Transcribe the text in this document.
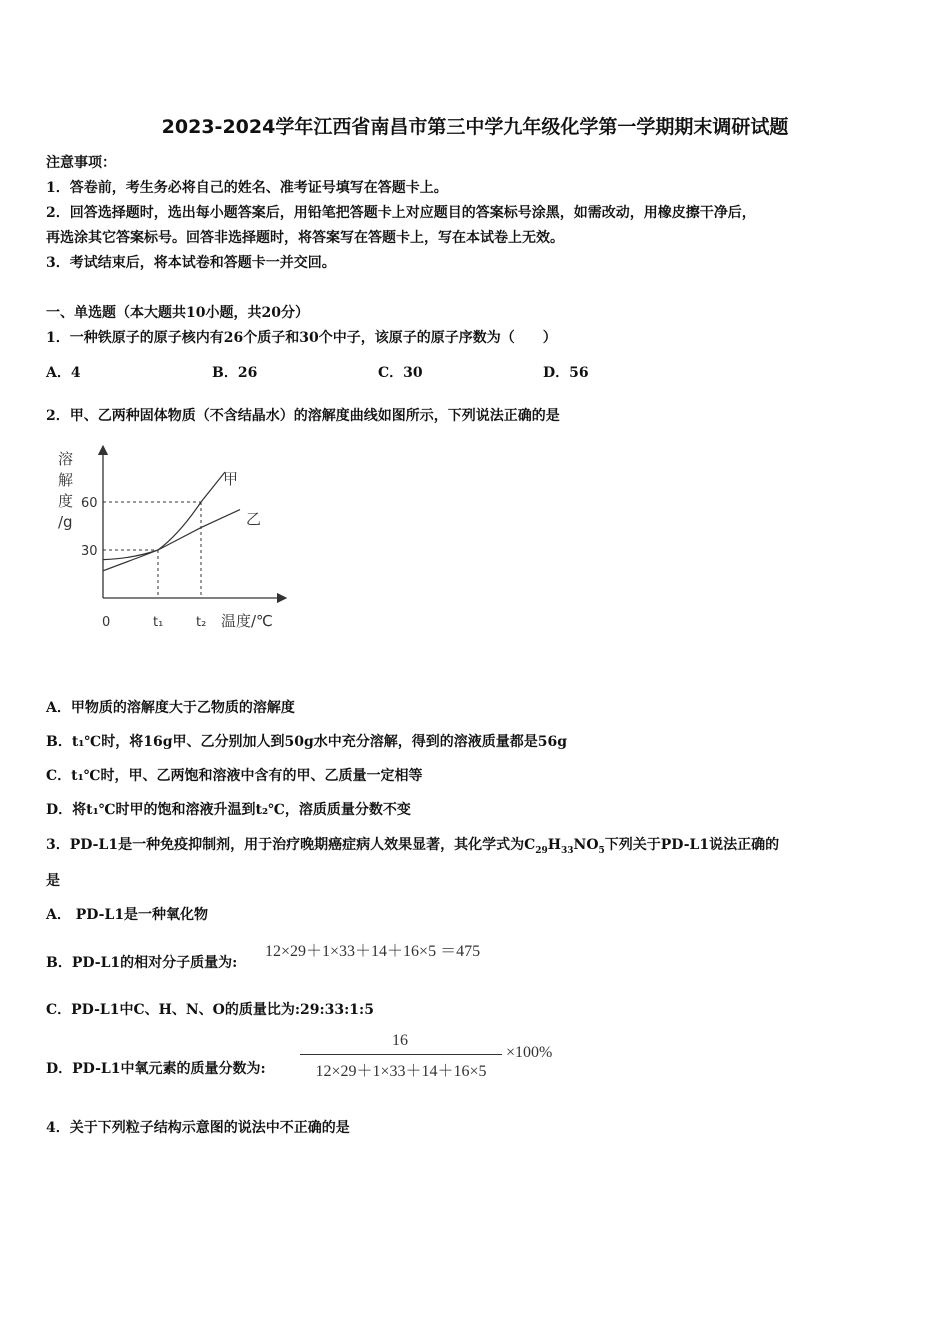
2023-2024学年江西省南昌市第三中学九年级化学第一学期期末调研试题
注意事项：
1．答卷前，考生务必将自己的姓名、准考证号填写在答题卡上。
2．回答选择题时，选出每小题答案后，用铅笔把答题卡上对应题目的答案标号涂黑，如需改动，用橡皮擦干净后，
再选涂其它答案标号。回答非选择题时，将答案写在答题卡上，写在本试卷上无效。
3．考试结束后，将本试卷和答题卡一并交回。
一、单选题（本大题共10小题，共20分）
1．一种铁原子的原子核内有26个质子和30个中子，该原子的原子序数为（　　）
A．4	B．26	C．30	D．56
2．甲、乙两种固体物质（不含结晶水）的溶解度曲线如图所示，下列说法正确的是
溶
解
度
/g
60
30
0	t₁	t₂ 温度/℃
甲
乙
A．甲物质的溶解度大于乙物质的溶解度
B．t₁℃时，将16g甲、乙分别加人到50g水中充分溶解，得到的溶液质量都是56g
C．t₁℃时，甲、乙两饱和溶液中含有的甲、乙质量一定相等
D．将t₁℃时甲的饱和溶液升温到t₂℃，溶质质量分数不变
3．PD-L1是一种免疫抑制剂，用于治疗晚期癌症病人效果显著，其化学式为$C_{29}H_{33}NO_5$下列关于PD-L1说法正确的
是
A． PD-L1是一种氧化物
B．PD-L1的相对分子质量为:
12×29＋1×33＋14＋16×5 ＝475
C．PD-L1中C、H、N、O的质量比为:29:33:1:5
D．PD-L1中氧元素的质量分数为:
16
12×29＋1×33＋14＋16×5
×100%
4．关于下列粒子结构示意图的说法中不正确的是
